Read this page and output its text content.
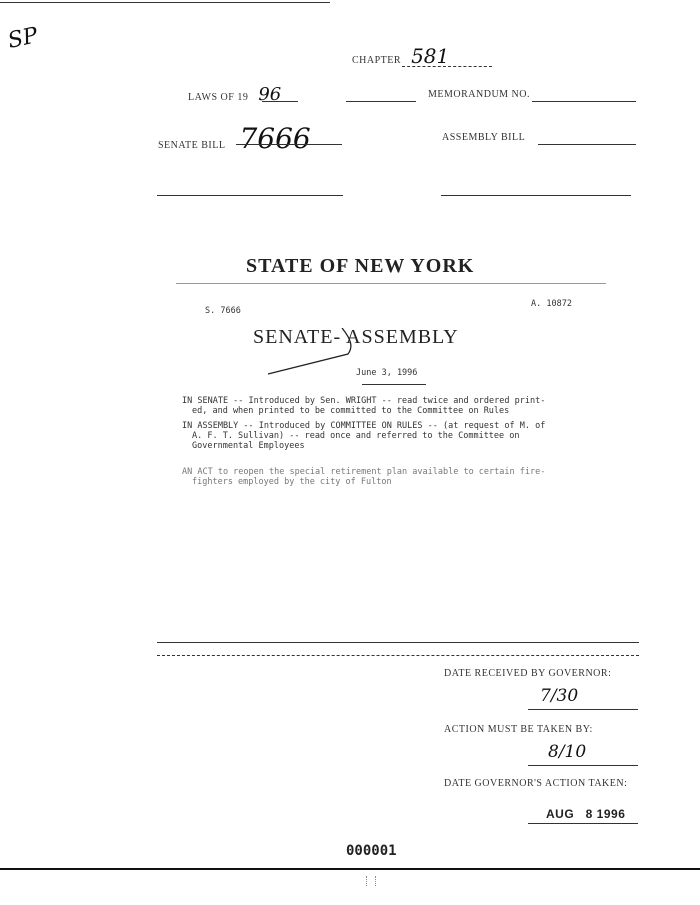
SP
CHAPTER 581
LAWS OF 19 96	MEMORANDUM NO.
SENATE BILL 7666	ASSEMBLY BILL
STATE OF NEW YORK
S. 7666
A. 10872
SENATE- ASSEMBLY
June 3, 1996
IN SENATE -- Introduced by Sen. WRIGHT -- read twice and ordered print-
ed, and when printed to be committed to the Committee on Rules
IN ASSEMBLY -- Introduced by COMMITTEE ON RULES -- (at request of M. of
A. F. T. Sullivan) -- read once and referred to the Committee on
Governmental Employees
AN ACT to reopen the special retirement plan available to certain fire-
fighters employed by the city of Fulton
DATE RECEIVED BY GOVERNOR:
7/30
ACTION MUST BE TAKEN BY:
8/10
DATE GOVERNOR'S ACTION TAKEN:
AUG   8 1996
000001
